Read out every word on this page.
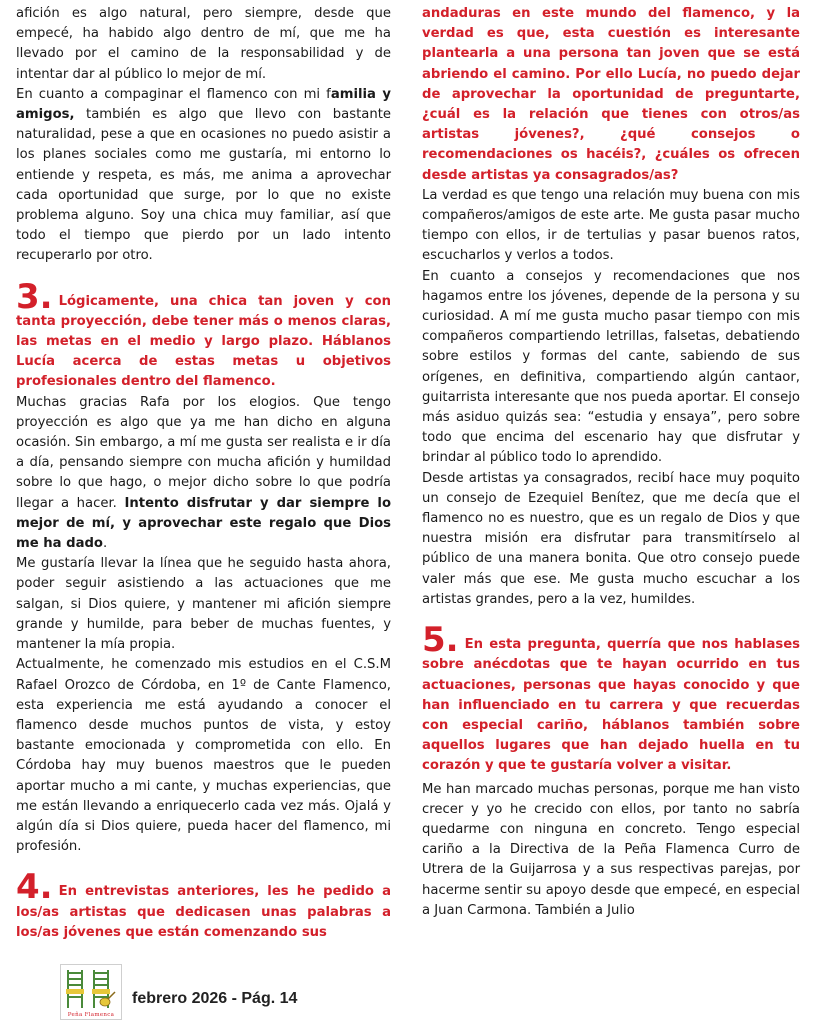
afición es algo natural, pero siempre, desde que empecé, ha habido algo dentro de mí, que me ha llevado por el camino de la responsabilidad y de intentar dar al público lo mejor de mí.

En cuanto a compaginar el flamenco con mi familia y amigos, también es algo que llevo con bastante naturalidad, pese a que en ocasiones no puedo asistir a los planes sociales como me gustaría, mi entorno lo entiende y respeta, es más, me anima a aprovechar cada oportunidad que surge, por lo que no existe problema alguno. Soy una chica muy familiar, así que todo el tiempo que pierdo por un lado intento recuperarlo por otro.

3. Lógicamente, una chica tan joven y con tanta proyección, debe tener más o menos claras, las metas en el medio y largo plazo. Háblanos Lucía acerca de estas metas u objetivos profesionales dentro del flamenco.

Muchas gracias Rafa por los elogios. Que tengo proyección es algo que ya me han dicho en alguna ocasión. Sin embargo, a mí me gusta ser realista e ir día a día, pensando siempre con mucha afición y humildad sobre lo que hago, o mejor dicho sobre lo que podría llegar a hacer. Intento disfrutar y dar siempre lo mejor de mí, y aprovechar este regalo que Dios me ha dado.

Me gustaría llevar la línea que he seguido hasta ahora, poder seguir asistiendo a las actuaciones que me salgan, si Dios quiere, y mantener mi afición siempre grande y humilde, para beber de muchas fuentes, y mantener la mía propia.

Actualmente, he comenzado mis estudios en el C.S.M Rafael Orozco de Córdoba, en 1º de Cante Flamenco, esta experiencia me está ayudando a conocer el flamenco desde muchos puntos de vista, y estoy bastante emocionada y comprometida con ello. En Córdoba hay muy buenos maestros que le pueden aportar mucho a mi cante, y muchas experiencias, que me están llevando a enriquecerlo cada vez más. Ojalá y algún día si Dios quiere, pueda hacer del flamenco, mi profesión.

4. En entrevistas anteriores, les he pedido a los/as artistas que dedicasen unas palabras a los/as jóvenes que están comenzando sus

andaduras en este mundo del flamenco, y la verdad es que, esta cuestión es interesante plantearla a una persona tan joven que se está abriendo el camino. Por ello Lucía, no puedo dejar de aprovechar la oportunidad de preguntarte, ¿cuál es la relación que tienes con otros/as artistas jóvenes?, ¿qué consejos o recomendaciones os hacéis?, ¿cuáles os ofrecen desde artistas ya consagrados/as?

La verdad es que tengo una relación muy buena con mis compañeros/amigos de este arte. Me gusta pasar mucho tiempo con ellos, ir de tertulias y pasar buenos ratos, escucharlos y verlos a todos.

En cuanto a consejos y recomendaciones que nos hagamos entre los jóvenes, depende de la persona y su curiosidad. A mí me gusta mucho pasar tiempo con mis compañeros compartiendo letrillas, falsetas, debatiendo sobre estilos y formas del cante, sabiendo de sus orígenes, en definitiva, compartiendo algún cantaor, guitarrista interesante que nos pueda aportar. El consejo más asiduo quizás sea: “estudia y ensaya”, pero sobre todo que encima del escenario hay que disfrutar y brindar al público todo lo aprendido.

Desde artistas ya consagrados, recibí hace muy poquito un consejo de Ezequiel Benítez, que me decía que el flamenco no es nuestro, que es un regalo de Dios y que nuestra misión era disfrutar para transmitírselo al público de una manera bonita. Que otro consejo puede valer más que ese. Me gusta mucho escuchar a los artistas grandes, pero a la vez, humildes.

5. En esta pregunta, querría que nos hablases sobre anécdotas que te hayan ocurrido en tus actuaciones, personas que hayas conocido y que han influenciado en tu carrera y que recuerdas con especial cariño, háblanos también sobre aquellos lugares que han dejado huella en tu corazón y que te gustaría volver a visitar.

Me han marcado muchas personas, porque me han visto crecer y yo he crecido con ellos, por tanto no sabría quedarme con ninguna en concreto. Tengo especial cariño a la Directiva de la Peña Flamenca Curro de Utrera de la Guijarrosa y a sus respectivas parejas, por hacerme sentir su apoyo desde que empecé, en especial a Juan Carmona. También a Julio

Peña Flamenca
febrero 2026 - Pág. 14
